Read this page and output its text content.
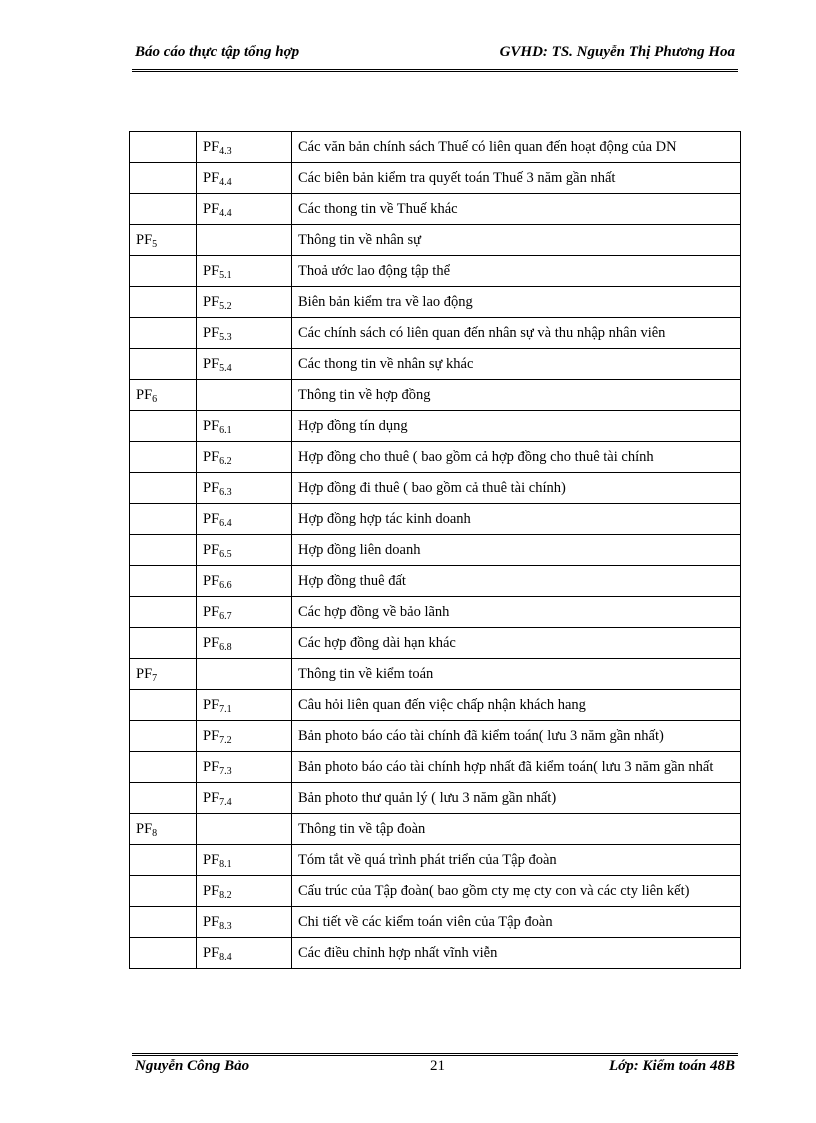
Báo cáo thực tập tổng hợp	GVHD: TS. Nguyễn Thị Phương Hoa
	$PF_{4.3}$	Các văn bản chính sách Thuế có liên quan đến hoạt động của DN
	$PF_{4.4}$	Các biên bản kiểm tra quyết toán Thuế 3 năm gần nhất
	$PF_{4.4}$	Các thong tin về Thuế khác
$PF_5$		Thông tin về nhân sự
	$PF_{5.1}$	Thoả ước lao động tập thể
	$PF_{5.2}$	Biên bản kiểm tra về lao động
	$PF_{5.3}$	Các chính sách có liên quan đến nhân sự và thu nhập nhân viên
	$PF_{5.4}$	Các thong tin về nhân sự khác
$PF_6$		Thông tin về hợp đồng
	$PF_{6.1}$	Hợp đồng tín dụng
	$PF_{6.2}$	Hợp đồng cho thuê ( bao gồm cả hợp đồng cho thuê tài chính
	$PF_{6.3}$	Hợp đồng đi thuê ( bao gồm cả thuê tài chính)
	$PF_{6.4}$	Hợp đồng hợp tác kinh doanh
	$PF_{6.5}$	Hợp đồng liên doanh
	$PF_{6.6}$	Hợp đồng thuê đất
	$PF_{6.7}$	Các hợp đồng về bảo lãnh
	$PF_{6.8}$	Các hợp đồng dài hạn khác
$PF_7$		Thông tin về kiểm toán
	$PF_{7.1}$	Câu hỏi liên quan đến việc chấp nhận khách hang
	$PF_{7.2}$	Bản photo báo cáo tài chính đã kiểm toán( lưu 3 năm gần nhất)
	$PF_{7.3}$	Bản photo báo cáo tài chính hợp nhất đã kiểm toán( lưu 3 năm gần nhất
	$PF_{7.4}$	Bản photo thư quản lý ( lưu 3 năm gần nhất)
$PF_8$		Thông tin về tập đoàn
	$PF_{8.1}$	Tóm tắt về quá trình phát triển của Tập đoàn
	$PF_{8.2}$	Cấu trúc của Tập đoàn( bao gồm cty mẹ cty con và các cty liên kết)
	$PF_{8.3}$	Chi tiết về các kiểm toán viên của Tập đoàn
	$PF_{8.4}$	Các điều chỉnh hợp nhất vĩnh viễn
Nguyễn Công Bảo	21	Lớp: Kiểm toán 48B
